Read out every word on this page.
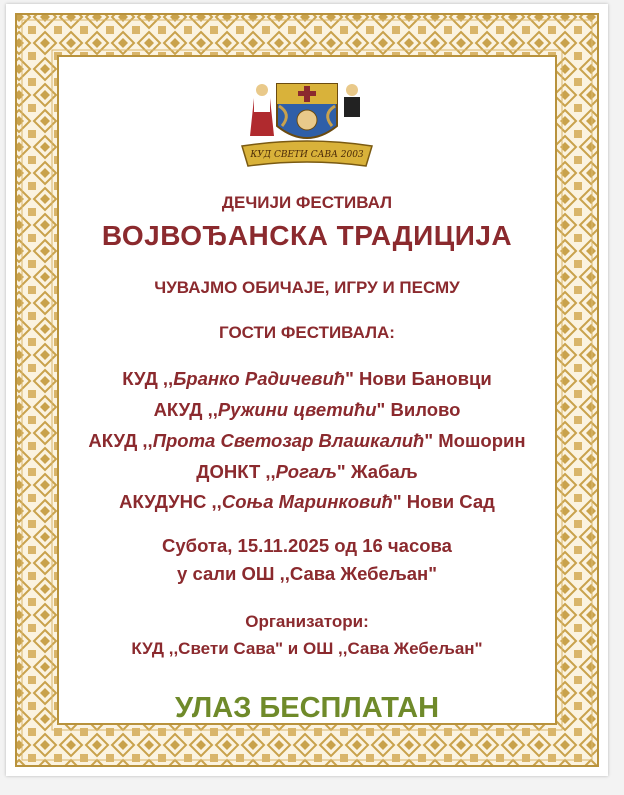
КУД СВЕТИ САВА 2003
ДЕЧИЈИ ФЕСТИВАЛ
ВОЈВОЂАНСКА ТРАДИЦИЈА
ЧУВАЈМО ОБИЧАЈЕ, ИГРУ И ПЕСМУ
ГОСТИ ФЕСТИВАЛА:
КУД ,,Бранко Радичевић" Нови Бановци
АКУД ,,Ружини цветићи" Вилово
АКУД ,,Прота Светозар Влашкалић" Мошорин
ДОНКТ ,,Рогаљ" Жабаљ
АКУДУНС ,,Соња Маринковић" Нови Сад
Субота, 15.11.2025 од 16 часова
у сали ОШ ,,Сава Жебељан"
Организатори:
КУД ,,Свети Сава" и ОШ ,,Сава Жебељан"
УЛАЗ БЕСПЛАТАН
